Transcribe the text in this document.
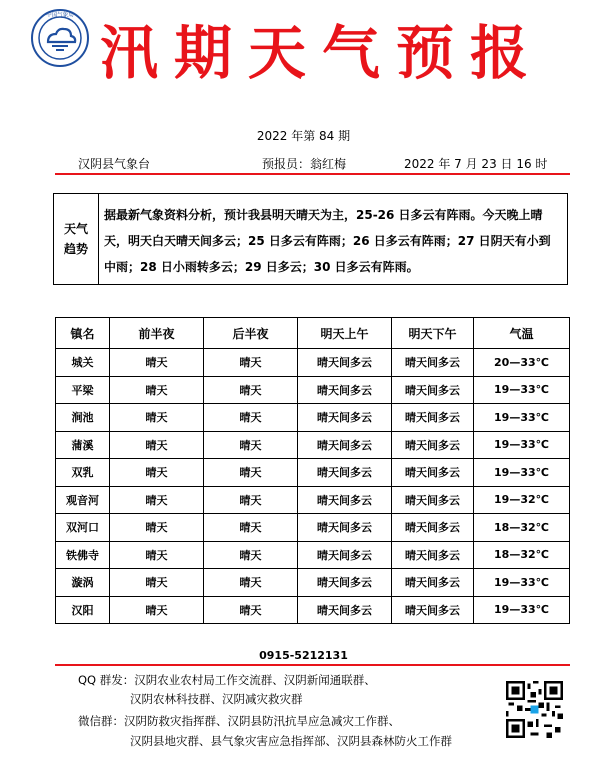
中国气象局
汛期天气预报
2022 年第 84 期
汉阴县气象台	预报员：翁红梅	2022 年 7 月 23 日 16 时
天气
趋势
据最新气象资料分析，预计我县明天晴天为主，25-26 日多云有阵雨。今天晚上晴天，明天白天晴天间多云；25 日多云有阵雨；26 日多云有阵雨；27 日阴天有小到中雨；28 日小雨转多云；29 日多云；30 日多云有阵雨。
镇名	前半夜	后半夜	明天上午	明天下午	气温
城关	晴天	晴天	晴天间多云	晴天间多云	20—33℃
平梁	晴天	晴天	晴天间多云	晴天间多云	19—33℃
涧池	晴天	晴天	晴天间多云	晴天间多云	19—33℃
蒲溪	晴天	晴天	晴天间多云	晴天间多云	19—33℃
双乳	晴天	晴天	晴天间多云	晴天间多云	19—33℃
观音河	晴天	晴天	晴天间多云	晴天间多云	19—32℃
双河口	晴天	晴天	晴天间多云	晴天间多云	18—32℃
铁佛寺	晴天	晴天	晴天间多云	晴天间多云	18—32℃
漩涡	晴天	晴天	晴天间多云	晴天间多云	19—33℃
汉阳	晴天	晴天	晴天间多云	晴天间多云	19—33℃
0915-5212131
QQ 群发：汉阴农业农村局工作交流群、汉阴新闻通联群、
汉阴农林科技群、汉阴减灾救灾群
微信群：汉阴防救灾指挥群、汉阴县防汛抗旱应急减灾工作群、
汉阴县地灾群、县气象灾害应急指挥部、汉阴县森林防火工作群
